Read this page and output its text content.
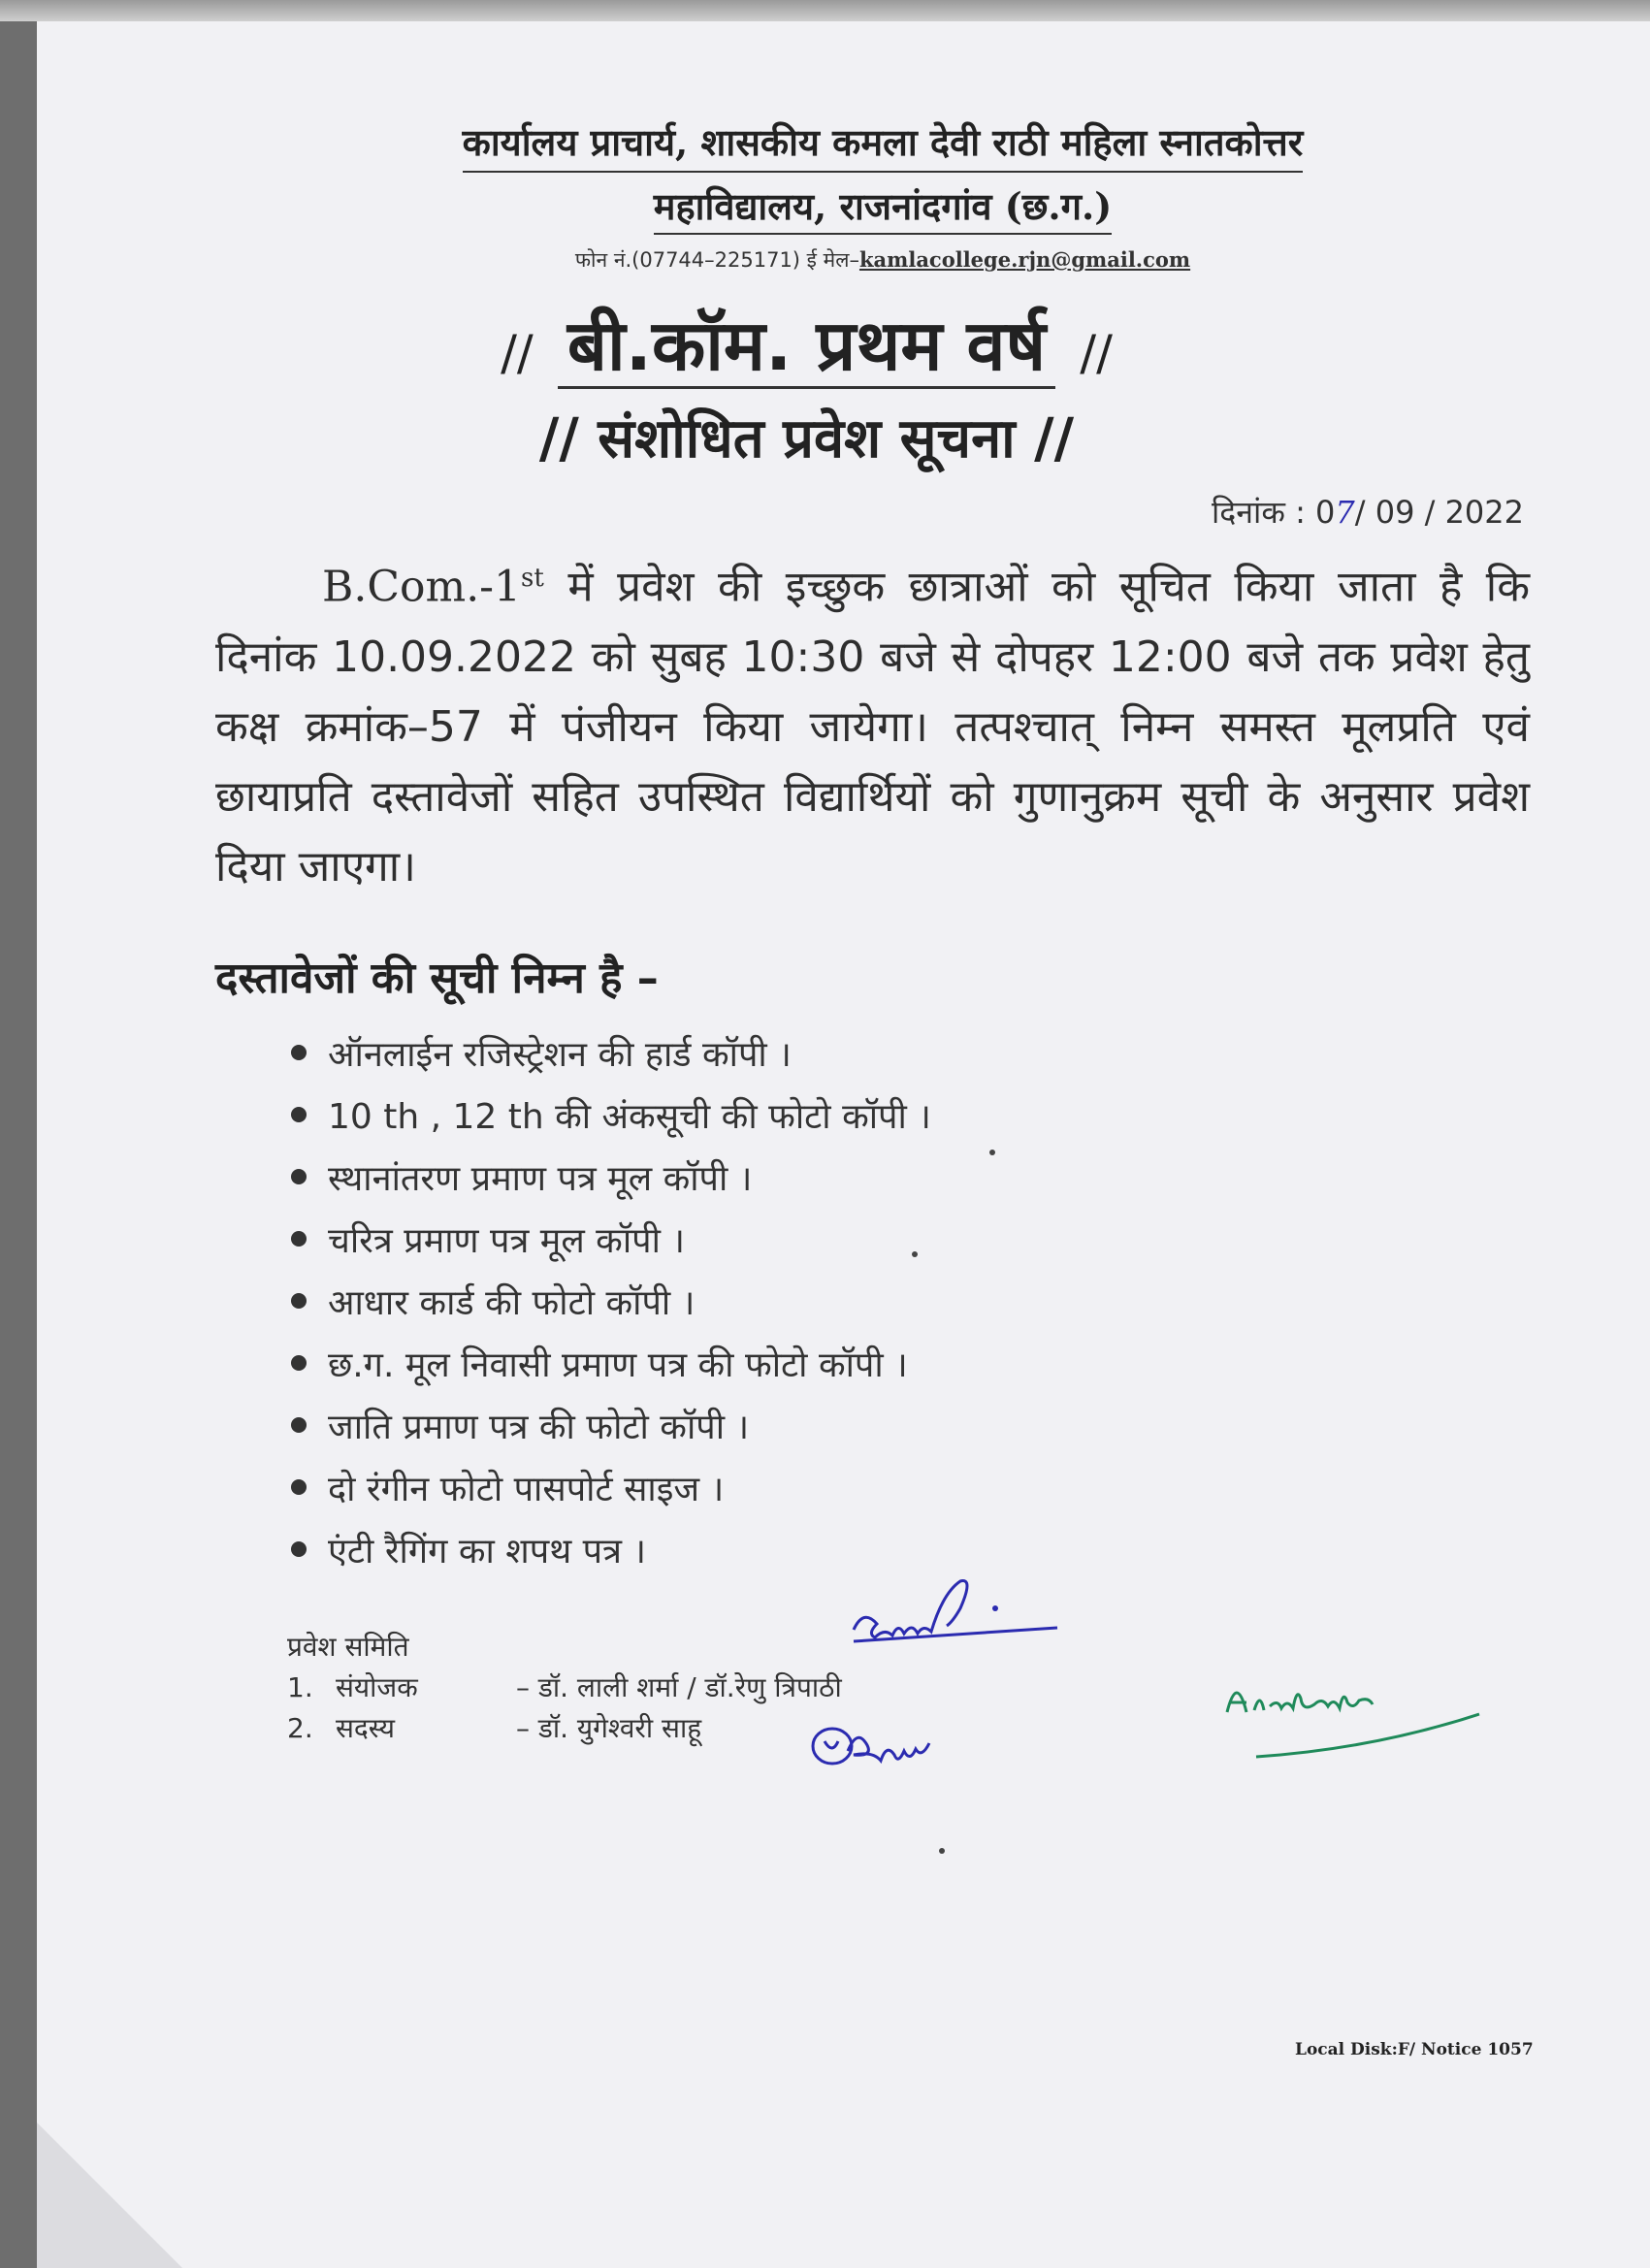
कार्यालय प्राचार्य, शासकीय कमला देवी राठी महिला स्नातकोत्तर
महाविद्यालय, राजनांदगांव (छ.ग.)
फोन नं.(07744–225171) ई मेल–kamlacollege.rjn@gmail.com
// बी.कॉम. प्रथम वर्ष //
// संशोधित प्रवेश सूचना //
दिनांक : 07/ 09 / 2022
B.Com.-1st में प्रवेश की इच्छुक छात्राओं को सूचित किया जाता है कि दिनांक 10.09.2022 को सुबह 10:30 बजे से दोपहर 12:00 बजे तक प्रवेश हेतु कक्ष क्रमांक–57 में पंजीयन किया जायेगा। तत्पश्चात् निम्न समस्त मूलप्रति एवं छायाप्रति दस्तावेजों सहित उपस्थित विद्यार्थियों को गुणानुक्रम सूची के अनुसार प्रवेश दिया जाएगा।
दस्तावेजों की सूची निम्न है –
ऑनलाईन रजिस्ट्रेशन की हार्ड कॉपी ।
10 th , 12 th की अंकसूची की फोटो कॉपी ।
स्थानांतरण प्रमाण पत्र मूल कॉपी ।
चरित्र प्रमाण पत्र मूल कॉपी ।
आधार कार्ड की फोटो कॉपी ।
छ.ग. मूल निवासी प्रमाण पत्र की फोटो कॉपी ।
जाति प्रमाण पत्र की फोटो कॉपी ।
दो रंगीन फोटो पासपोर्ट साइज ।
एंटी रैगिंग का शपथ पत्र ।
प्रवेश समिति
1. संयोजक	– डॉ. लाली शर्मा / डॉ.रेणु त्रिपाठी
2. सदस्य	– डॉ. युगेश्वरी साहू
Local Disk:F/ Notice 1057
